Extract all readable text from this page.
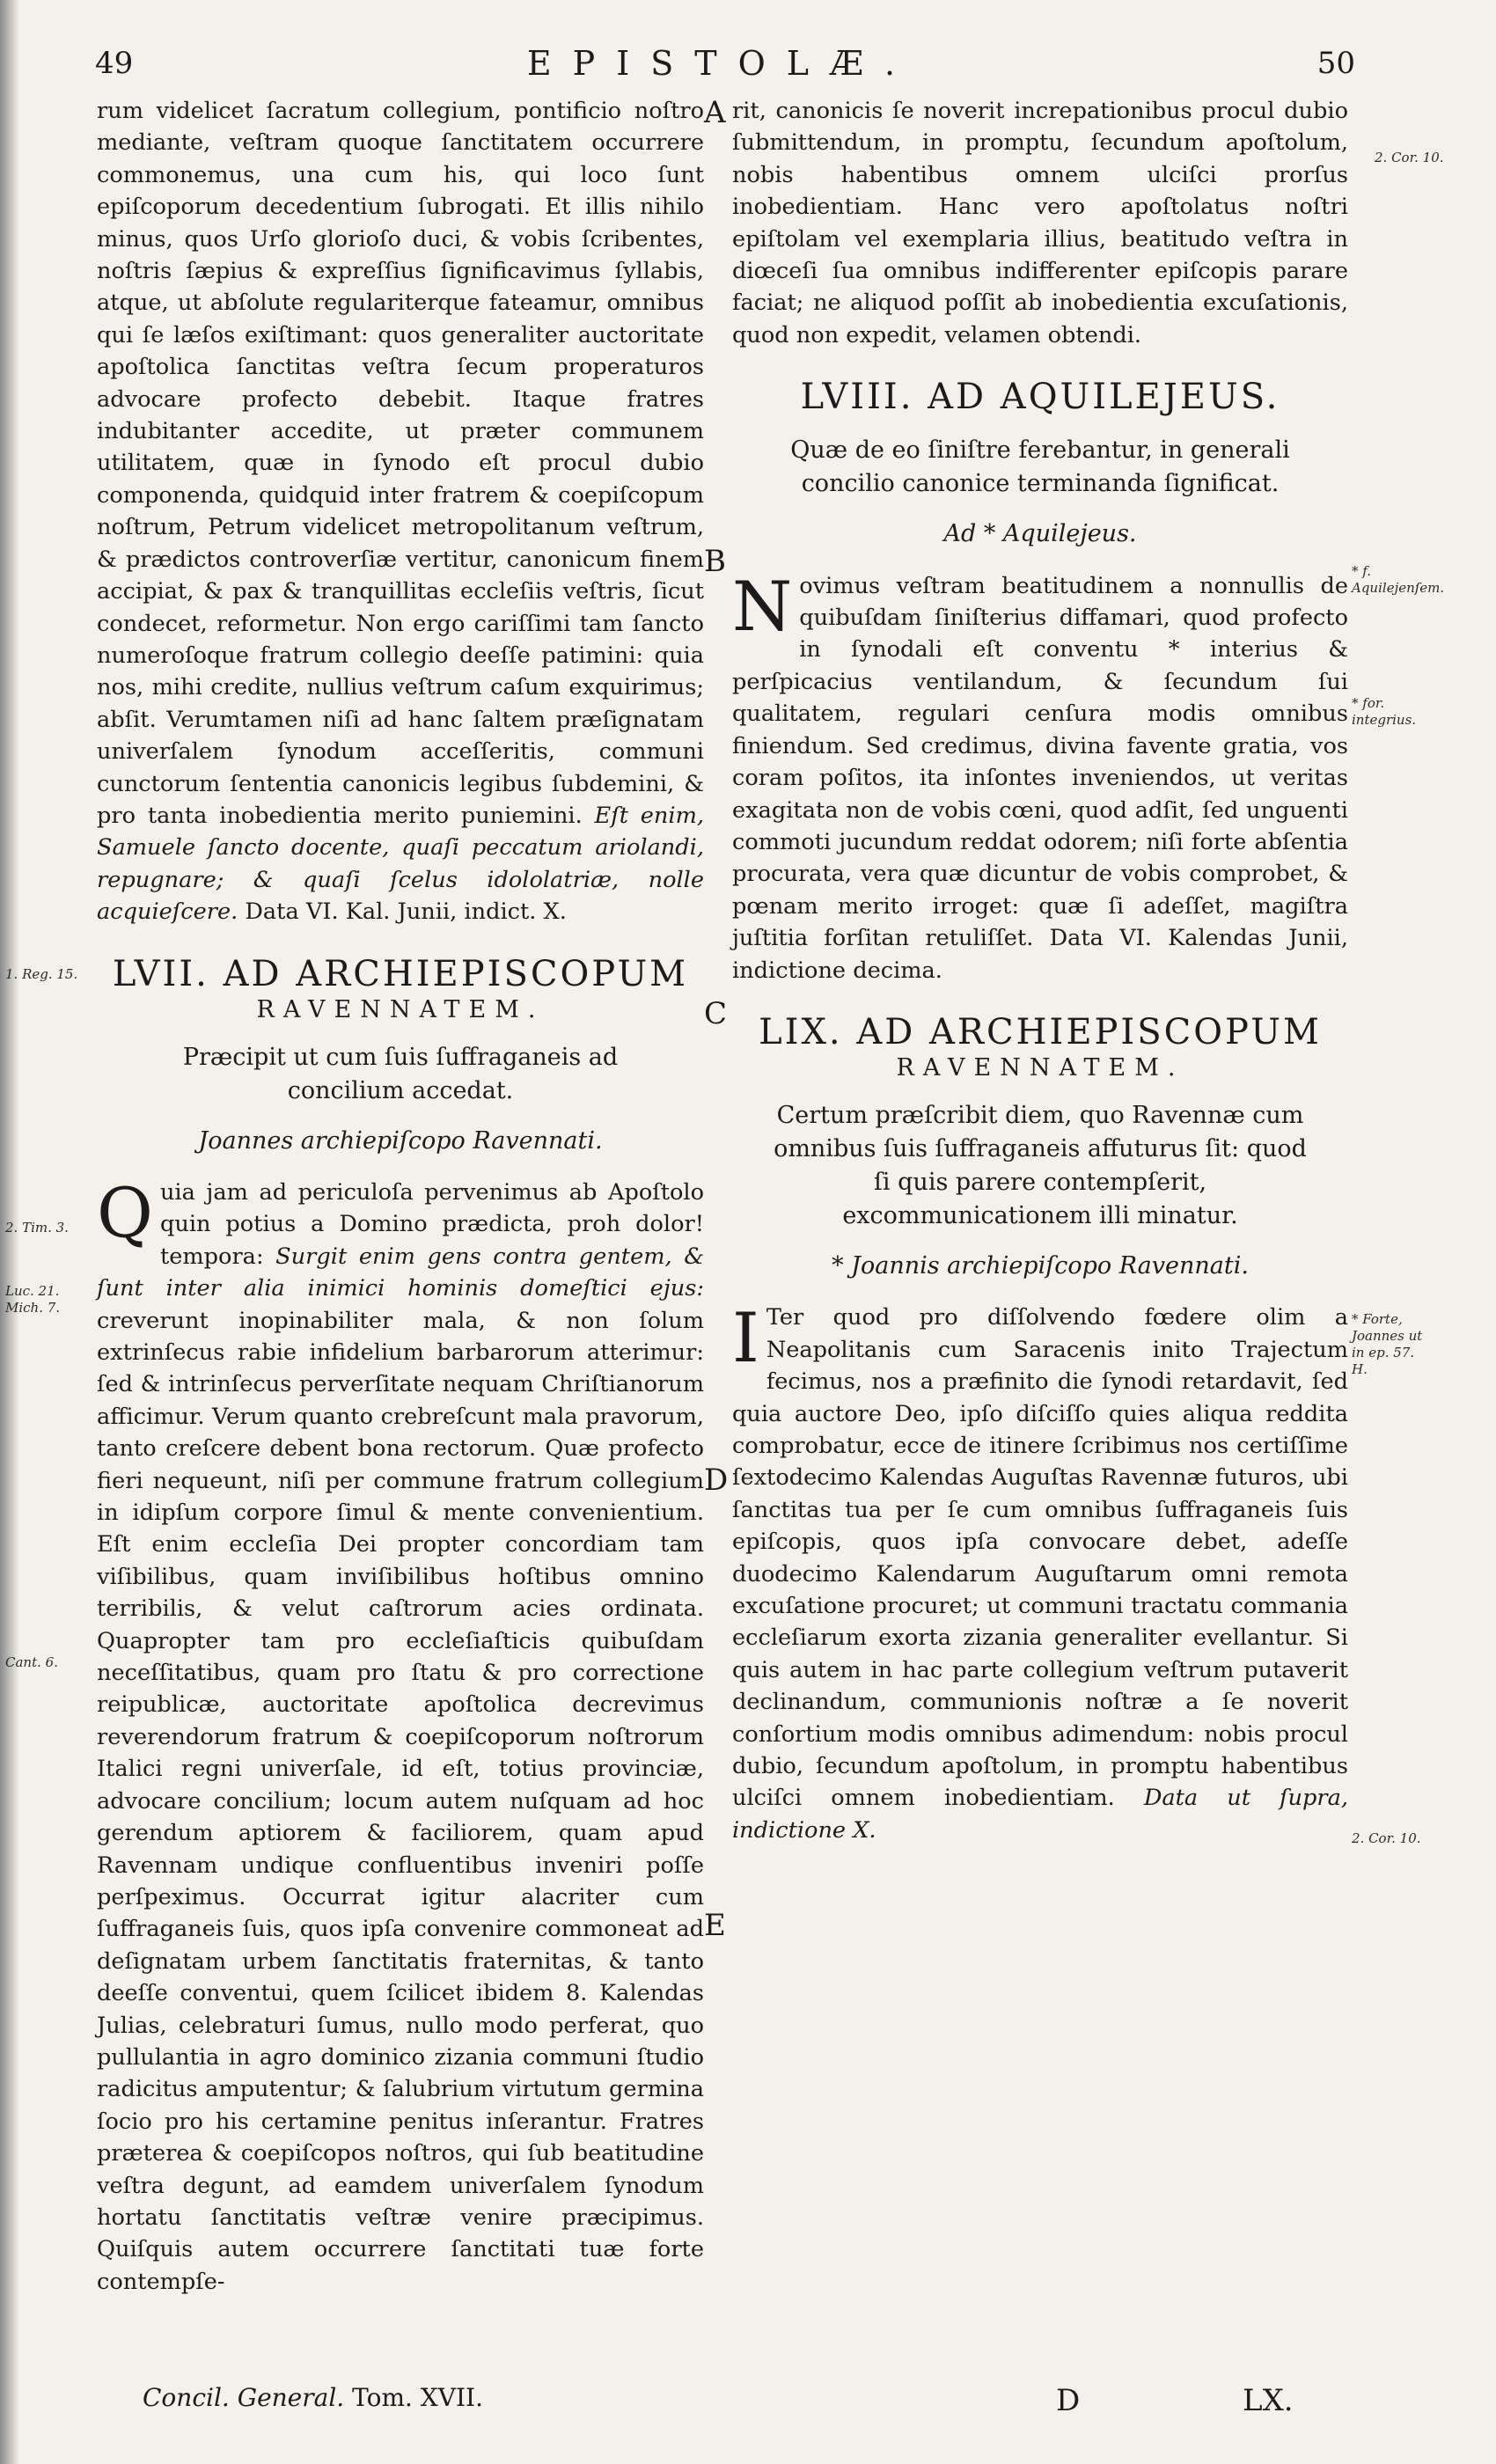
49	EPISTOLÆ.	50

rum videlicet ſacratum collegium, pontificio noſtro mediante, veſtram quoque ſanctitatem occurrere commonemus, una cum his, qui loco ſunt epiſcoporum decedentium ſubrogati. Et illis nihilo minus, quos Urſo glorioſo duci, & vobis ſcribentes, noſtris ſæpius & expreſſius ſignificavimus ſyllabis, atque, ut abſolute regulariterque fateamur, omnibus qui ſe læſos exiſtimant: quos generaliter auctoritate apoſtolica ſanctitas veſtra ſecum properaturos advocare profecto debebit. Itaque fratres indubitanter accedite, ut præter communem utilitatem, quæ in ſynodo eſt procul dubio componenda, quidquid inter fratrem & coepiſcopum noſtrum, Petrum videlicet metropolitanum veſtrum, & prædictos controverſiæ vertitur, canonicum finem accipiat, & pax & tranquillitas eccleſiis veſtris, ſicut condecet, reformetur. Non ergo cariſſimi tam ſancto numeroſoque fratrum collegio deeſſe patimini: quia nos, mihi credite, nullius veſtrum caſum exquirimus; abſit. Verumtamen niſi ad hanc ſaltem præſignatam univerſalem ſynodum acceſſeritis, communi cunctorum ſententia canonicis legibus ſubdemini, & pro tanta inobedientia merito puniemini. Eſt enim, Samuele ſancto docente, quaſi peccatum ariolandi, repugnare; & quaſi ſcelus idololatriæ, nolle acquieſcere. Data VI. Kal. Junii, indict. X.

LVII. AD ARCHIEPISCOPUM
RAVENNATEM.
Præcipit ut cum ſuis ſuffraganeis ad concilium accedat.
Joannes archiepiſcopo Ravennati.

Q uia jam ad periculoſa pervenimus ab Apoſtolo quin potius a Domino prædicta, proh dolor! tempora: Surgit enim gens contra gentem, & ſunt inter alia inimici hominis domeſtici ejus: creverunt inopinabiliter mala, & non ſolum extrinſecus rabie infidelium barbarorum atterimur: ſed & intrinſecus perverſitate nequam Chriſtianorum afficimur. Verum quanto crebreſcunt mala pravorum, tanto creſcere debent bona rectorum. Quæ profecto fieri nequeunt, niſi per commune fratrum collegium in idipſum corpore ſimul & mente convenientium. Eſt enim eccleſia Dei propter concordiam tam viſibilibus, quam inviſibilibus hoſtibus omnino terribilis, & velut caſtrorum acies ordinata. Quapropter tam pro eccleſiaſticis quibuſdam neceſſitatibus, quam pro ſtatu & pro correctione reipublicæ, auctoritate apoſtolica decrevimus reverendorum fratrum & coepiſcoporum noſtrorum Italici regni univerſale, id eſt, totius provinciæ, advocare concilium; locum autem nuſquam ad hoc gerendum aptiorem & faciliorem, quam apud Ravennam undique confluentibus inveniri poſſe perſpeximus. Occurrat igitur alacriter cum ſuffraganeis ſuis, quos ipſa convenire commoneat ad deſignatam urbem ſanctitatis fraternitas, & tanto deeſſe conventui, quem ſcilicet ibidem 8. Kalendas Julias, celebraturi ſumus, nullo modo perferat, quo pullulantia in agro dominico zizania communi ſtudio radicitus amputentur; & ſalubrium virtutum germina ſocio pro his certamine penitus inſerantur. Fratres præterea & coepiſcopos noſtros, qui ſub beatitudine veſtra degunt, ad eamdem univerſalem ſynodum hortatu ſanctitatis veſtræ venire præcipimus. Quiſquis autem occurrere ſanctitati tuæ forte contempſe-

rit, canonicis ſe noverit increpationibus procul dubio ſubmittendum, in promptu, ſecundum apoſtolum, nobis habentibus omnem ulciſci prorſus inobedientiam. Hanc vero apoſtolatus noſtri epiſtolam vel exemplaria illius, beatitudo veſtra in diœceſi ſua omnibus indifferenter epiſcopis parare faciat; ne aliquod poſſit ab inobedientia excuſationis, quod non expedit, velamen obtendi.

LVIII. AD AQUILEJEUS.
Quæ de eo ſiniſtre ferebantur, in generali concilio canonice terminanda ſignificat.
Ad * Aquilejeus.

N ovimus veſtram beatitudinem a nonnullis de quibuſdam ſiniſterius diffamari, quod profecto in ſynodali eſt conventu * interius & perſpicacius ventilandum, & ſecundum ſui qualitatem, regulari cenſura modis omnibus finiendum. Sed credimus, divina favente gratia, vos coram poſitos, ita inſontes inveniendos, ut veritas exagitata non de vobis cœni, quod adſit, ſed unguenti commoti jucundum reddat odorem; niſi forte abſentia procurata, vera quæ dicuntur de vobis comprobet, & pœnam merito irroget: quæ ſi adeſſet, magiſtra juſtitia forſitan retuliſſet. Data VI. Kalendas Junii, indictione decima.

LIX. AD ARCHIEPISCOPUM
RAVENNATEM.
Certum præſcribit diem, quo Ravennæ cum omnibus ſuis ſuffraganeis affuturus ſit: quod ſi quis parere contempſerit, excommunicationem illi minatur.
* Joannis archiepiſcopo Ravennati.

I Ter quod pro diſſolvendo fœdere olim a Neapolitanis cum Saracenis inito Trajectum fecimus, nos a præfinito die ſynodi retardavit, ſed quia auctore Deo, ipſo diſciſſo quies aliqua reddita comprobatur, ecce de itinere ſcribimus nos certiſſime ſextodecimo Kalendas Auguſtas Ravennæ futuros, ubi ſanctitas tua per ſe cum omnibus ſuffraganeis ſuis epiſcopis, quos ipſa convocare debet, adeſſe duodecimo Kalendarum Auguſtarum omni remota excuſatione procuret; ut communi tractatu commania eccleſiarum exorta zizania generaliter evellantur. Si quis autem in hac parte collegium veſtrum putaverit declinandum, communionis noſtræ a ſe noverit conſortium modis omnibus adimendum: nobis procul dubio, ſecundum apoſtolum, in promptu habentibus ulciſci omnem inobedientiam. Data ut ſupra, indictione X.

A
B
C
D
E
1. Reg. 15.
2. Tim. 3.
Luc. 21. Mich. 7.
Cant. 6.
2. Cor. 10.
* f. Aquilejenſem.
* for. integrius.
* Forte, Joannes ut in ep. 57. H.
2. Cor. 10.
Concil. General. Tom. XVII.	D	LX.
